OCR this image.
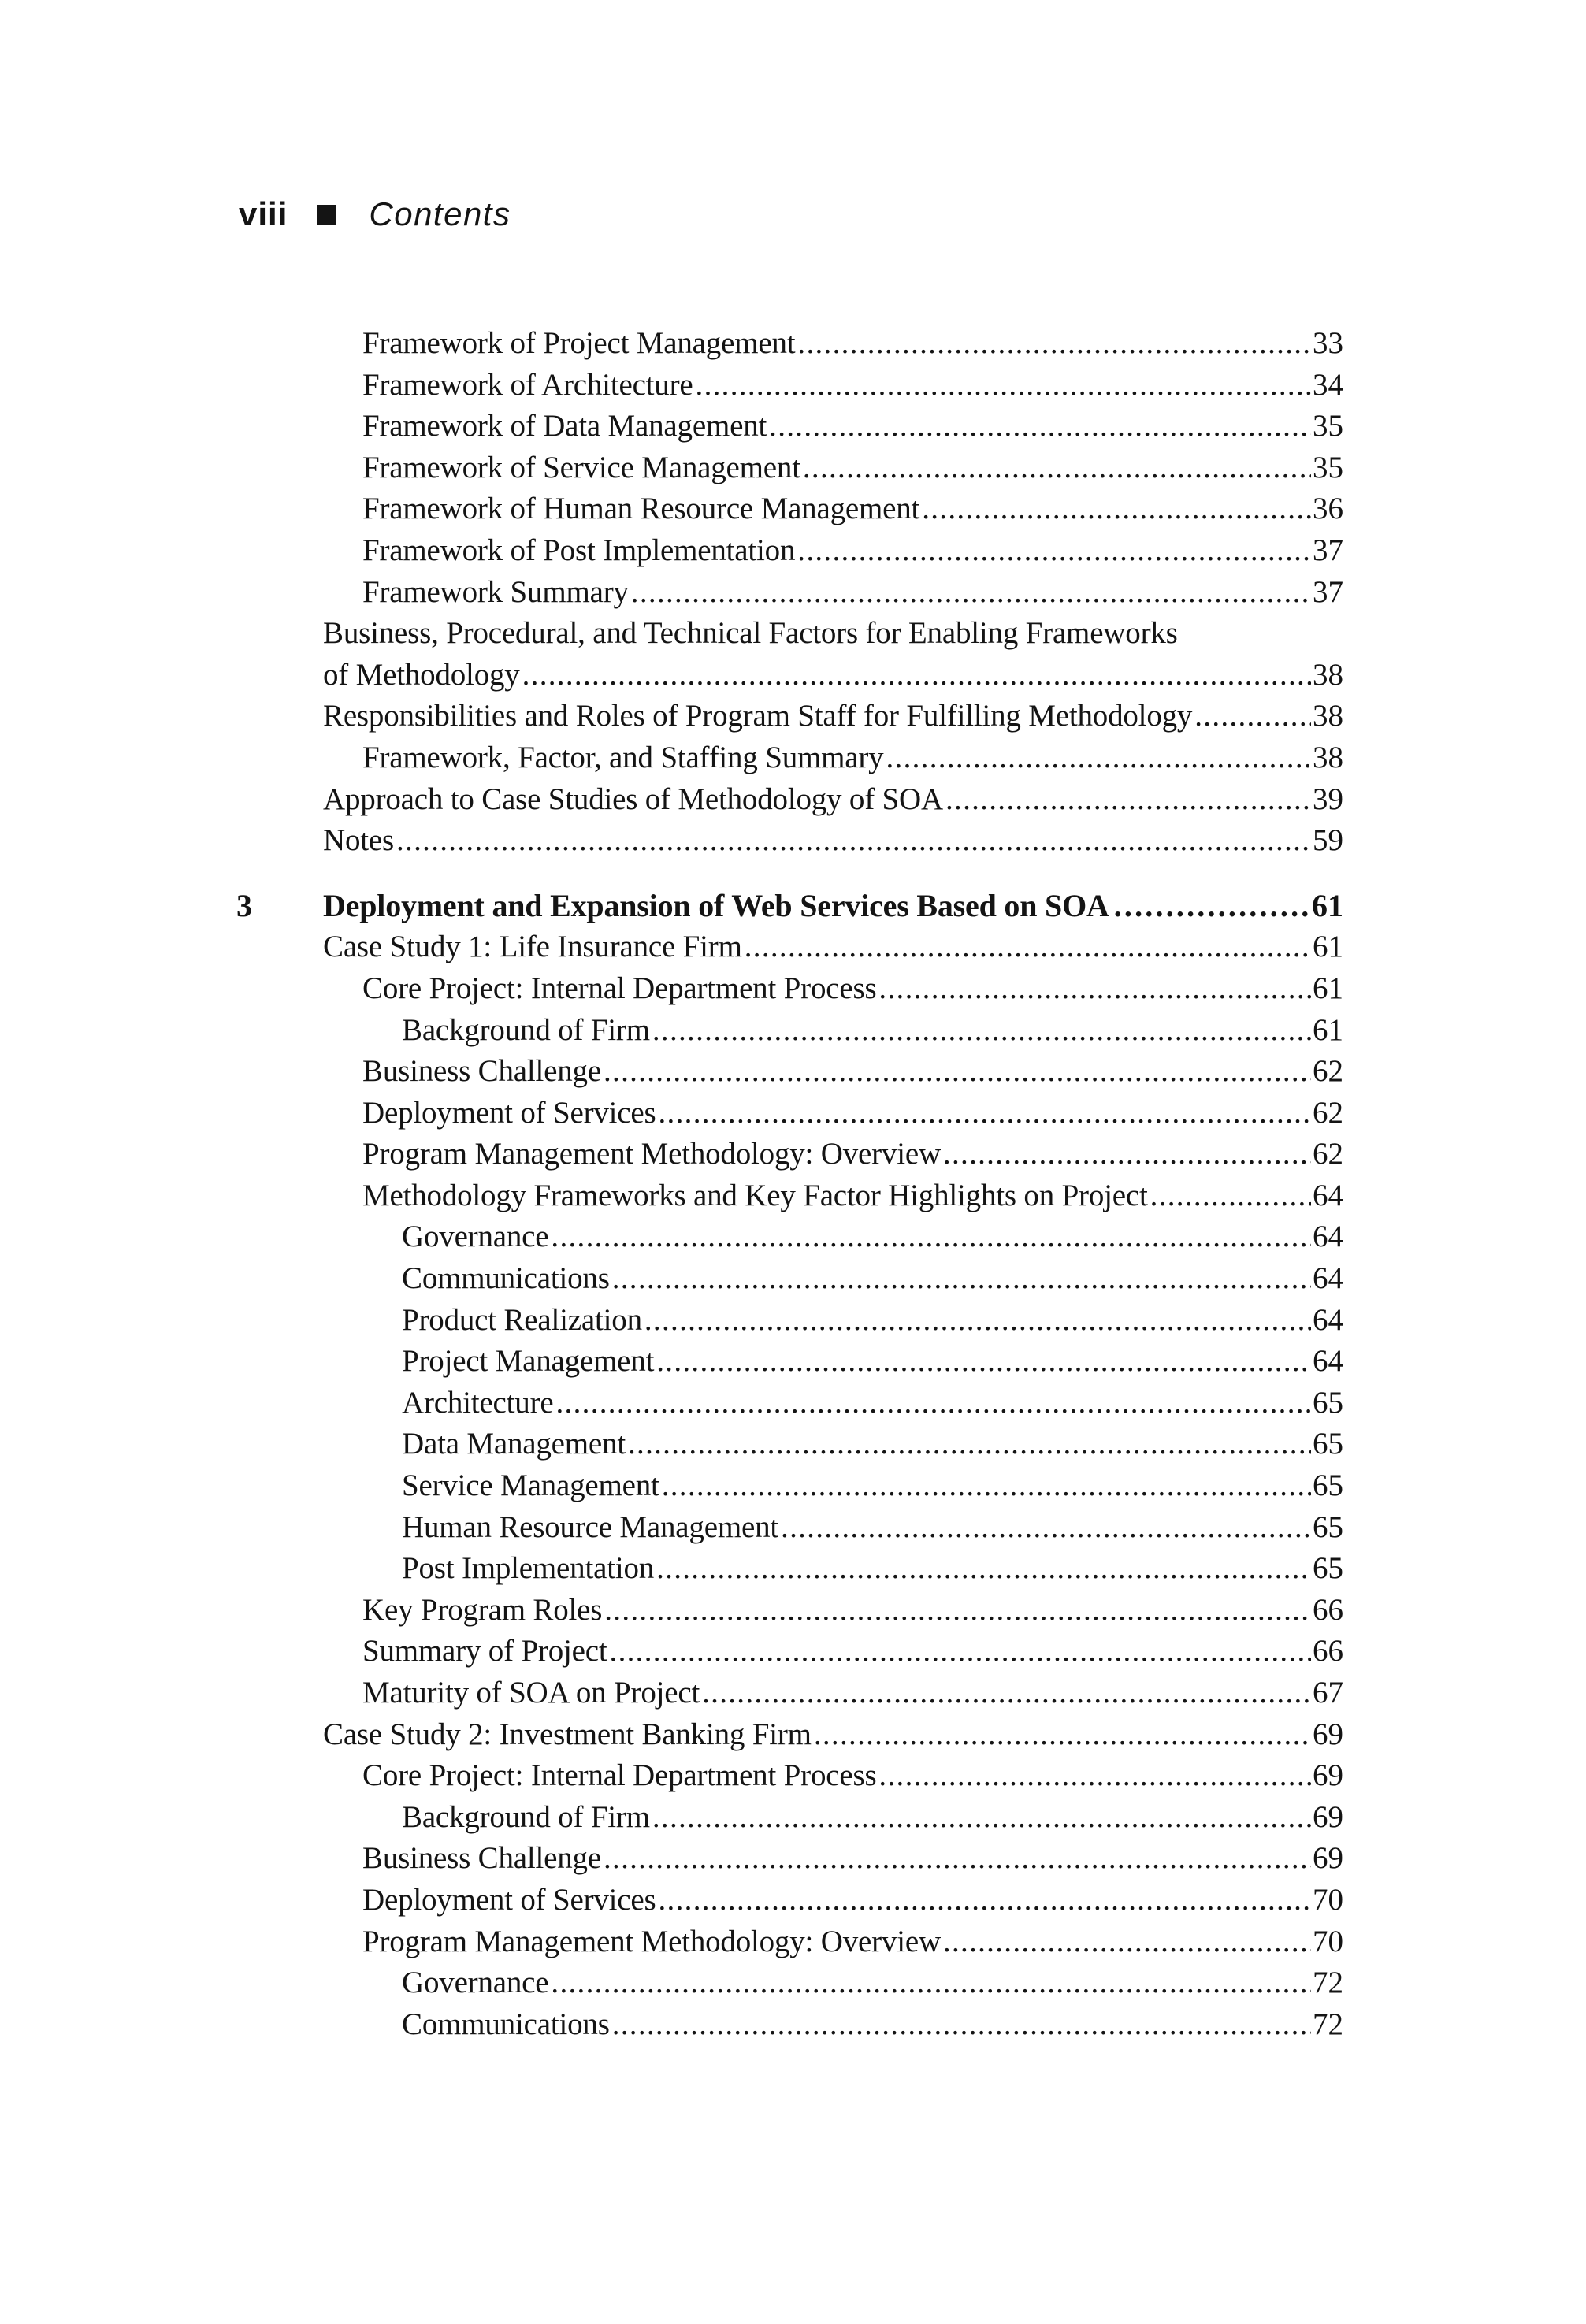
viii Contents
Framework of Project Management .....	33
Framework of Architecture .....	34
Framework of Data Management .....	35
Framework of Service Management .....	35
Framework of Human Resource Management .....	36
Framework of Post Implementation .....	37
Framework Summary .....	37
Business, Procedural, and Technical Factors for Enabling Frameworks
of Methodology .....	38
Responsibilities and Roles of Program Staff for Fulfilling Methodology .....	38
Framework, Factor, and Staffing Summary .....	38
Approach to Case Studies of Methodology of SOA .....	39
Notes .....	59
3	Deployment and Expansion of Web Services Based on SOA .....	61
Case Study 1: Life Insurance Firm .....	61
Core Project: Internal Department Process .....	61
Background of Firm .....	61
Business Challenge .....	62
Deployment of Services .....	62
Program Management Methodology: Overview .....	62
Methodology Frameworks and Key Factor Highlights on Project .....	64
Governance .....	64
Communications .....	64
Product Realization .....	64
Project Management .....	64
Architecture .....	65
Data Management .....	65
Service Management .....	65
Human Resource Management .....	65
Post Implementation .....	65
Key Program Roles .....	66
Summary of Project .....	66
Maturity of SOA on Project .....	67
Case Study 2: Investment Banking Firm .....	69
Core Project: Internal Department Process .....	69
Background of Firm .....	69
Business Challenge .....	69
Deployment of Services .....	70
Program Management Methodology: Overview .....	70
Governance .....	72
Communications .....	72
